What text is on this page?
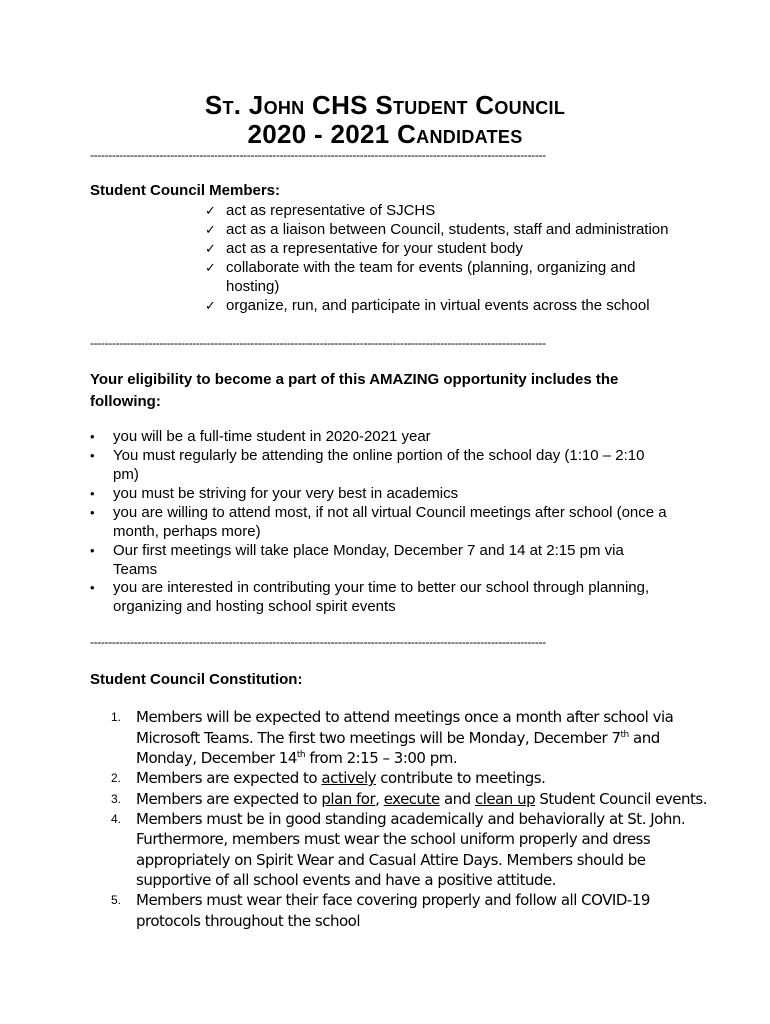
St. John CHS Student Council
2020 - 2021 Candidates
-----------------------------------------------------------------------------------------------------------------------------
Student Council Members:
✓ act as representative of SJCHS
✓ act as a liaison between Council, students, staff and administration
✓ act as a representative for your student body
✓ collaborate with the team for events (planning, organizing and
hosting)
✓ organize, run, and participate in virtual events across the school
-----------------------------------------------------------------------------------------------------------------------------
Your eligibility to become a part of this AMAZING opportunity includes the
following:
• you will be a full-time student in 2020-2021 year
• You must regularly be attending the online portion of the school day (1:10 – 2:10
pm)
• you must be striving for your very best in academics
• you are willing to attend most, if not all virtual Council meetings after school (once a
month, perhaps more)
• Our first meetings will take place Monday, December 7 and 14 at 2:15 pm via
Teams
• you are interested in contributing your time to better our school through planning,
organizing and hosting school spirit events
-----------------------------------------------------------------------------------------------------------------------------
Student Council Constitution:
1. Members will be expected to attend meetings once a month after school via
Microsoft Teams. The first two meetings will be Monday, December 7th and
Monday, December 14th from 2:15 – 3:00 pm.
2. Members are expected to actively contribute to meetings.
3. Members are expected to plan for, execute and clean up Student Council events.
4. Members must be in good standing academically and behaviorally at St. John.
Furthermore, members must wear the school uniform properly and dress
appropriately on Spirit Wear and Casual Attire Days. Members should be
supportive of all school events and have a positive attitude.
5. Members must wear their face covering properly and follow all COVID-19
protocols throughout the school
